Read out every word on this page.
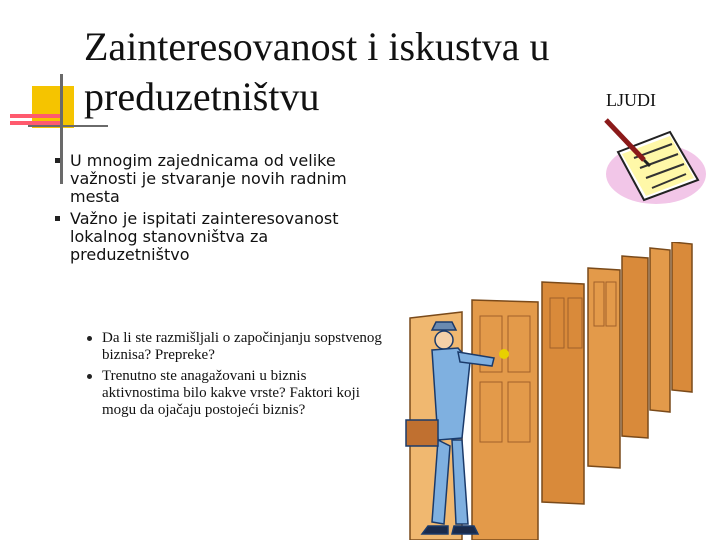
Zainteresovanost i iskustva u preduzetništvu	LJUDI
U mnogim zajednicama od velike važnosti je stvaranje novih radnim mesta
Važno je ispitati zainteresovanost lokalnog stanovništva za preduzetništvo
Da li ste razmišljali o započinjanju sopstvenog biznisa? Prepreke?
Trenutno ste anagažovani u biznis aktivnostima bilo kakve vrste? Faktori koji mogu da ojačaju postojeći biznis?
